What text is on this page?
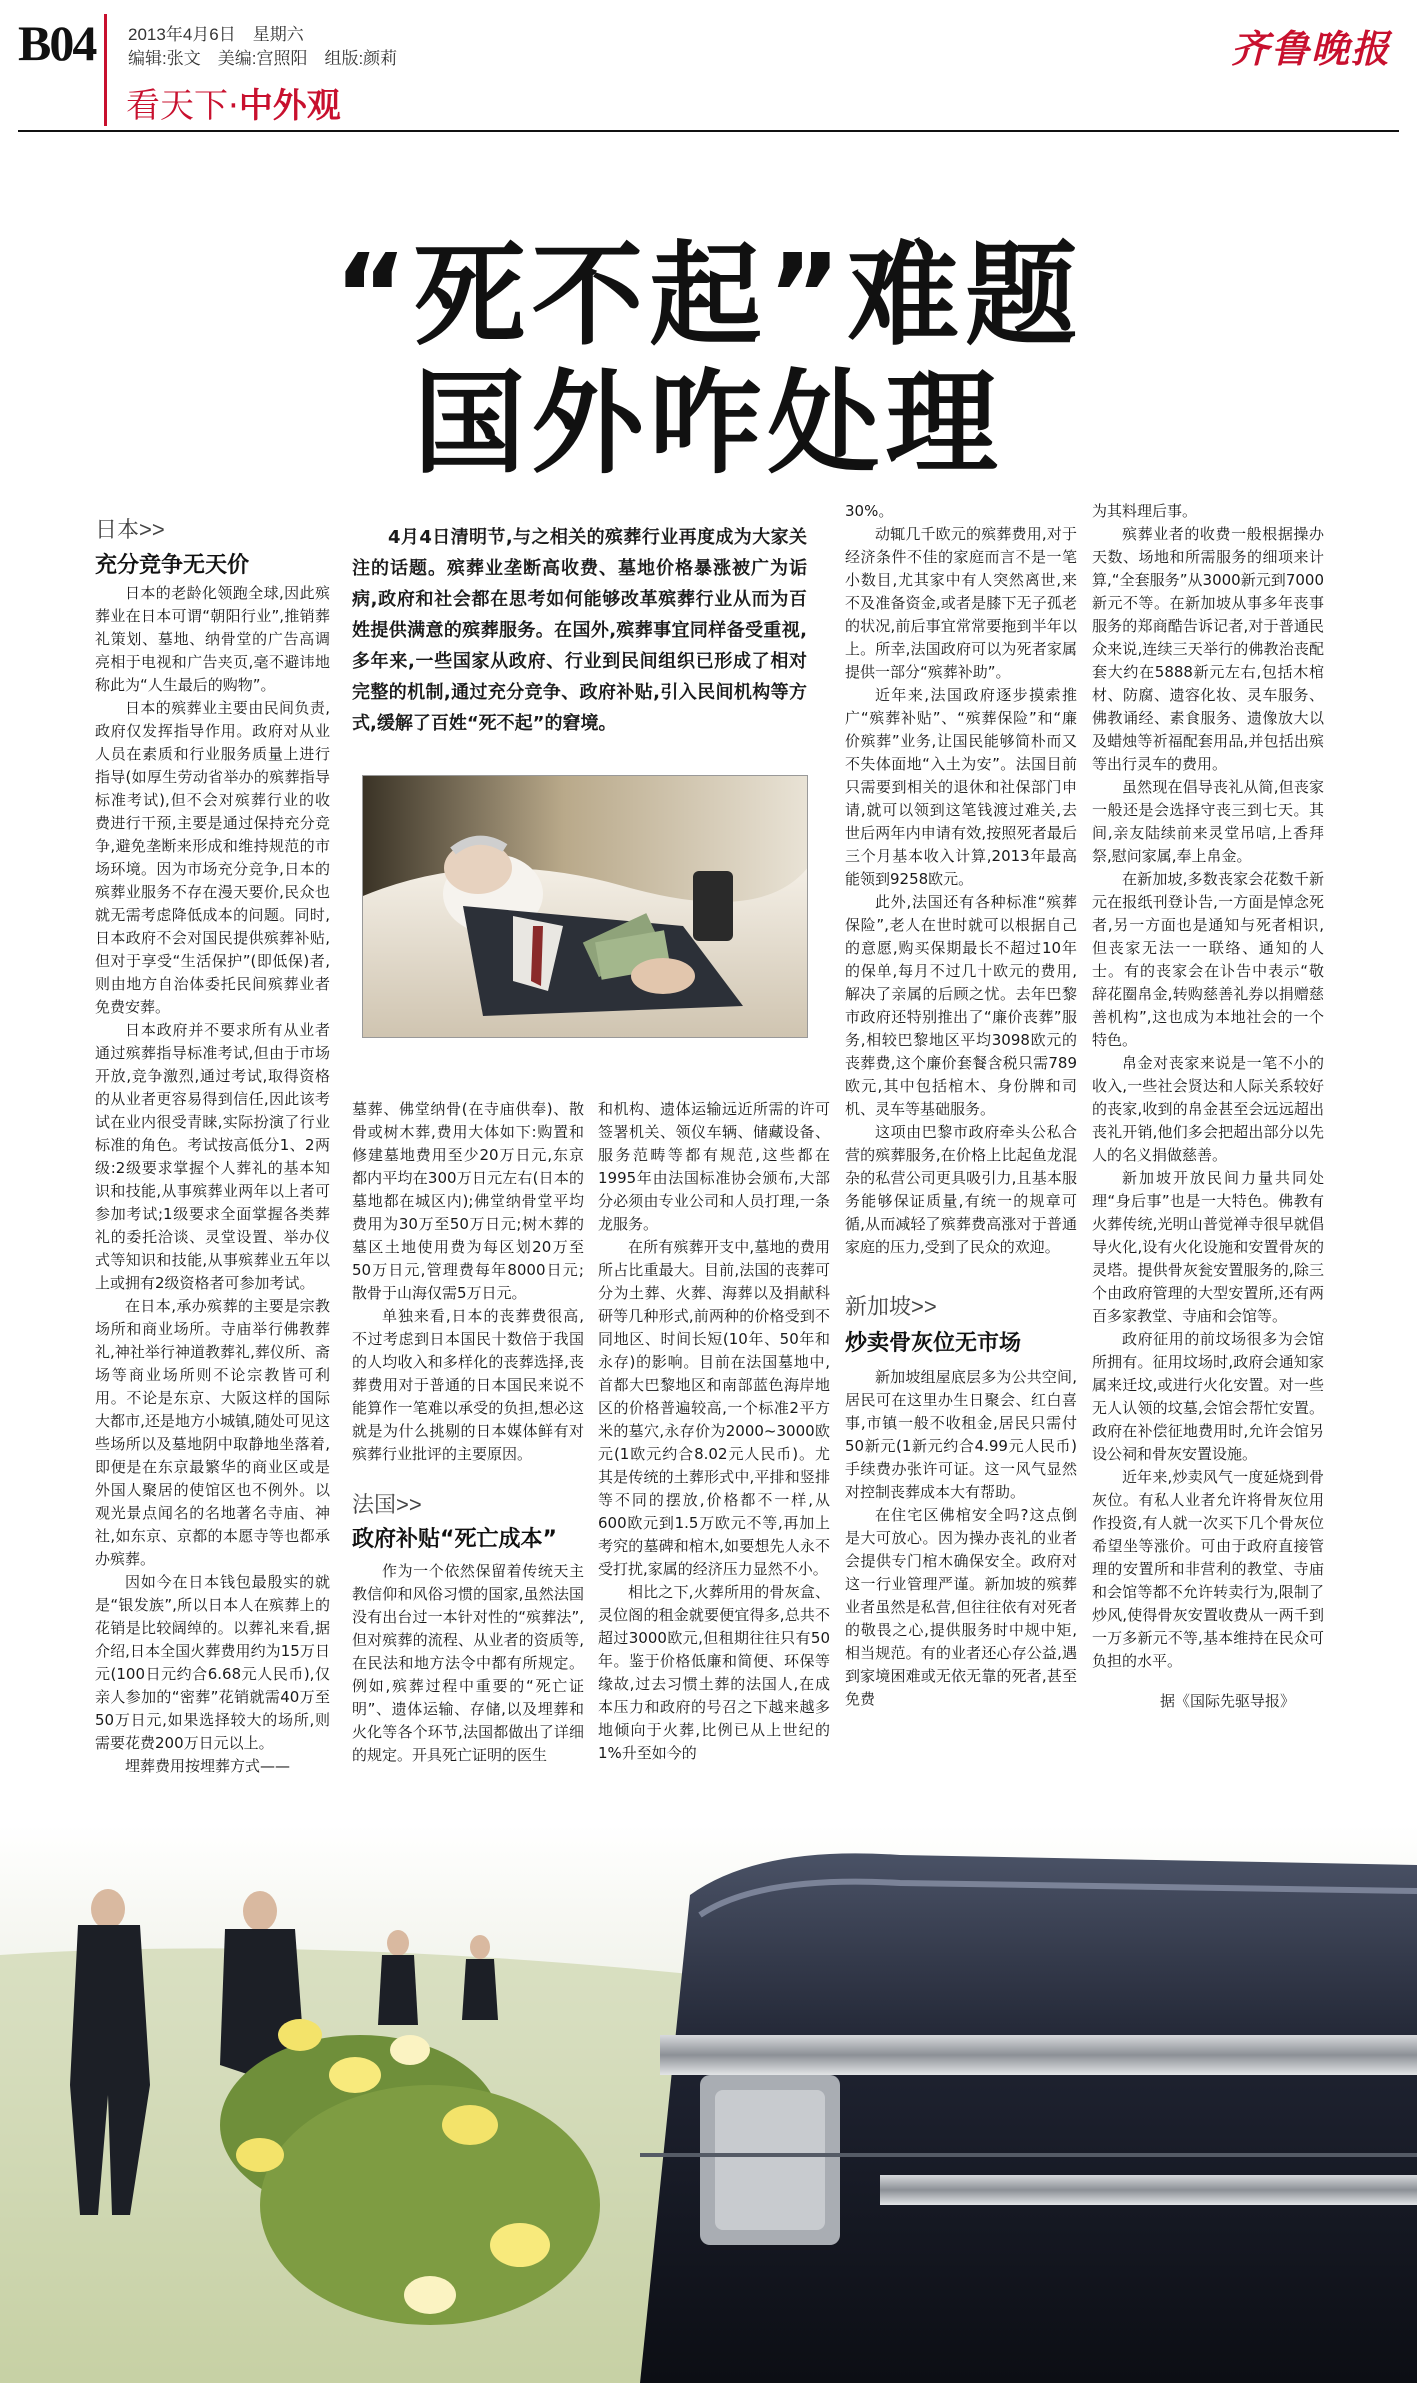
B04 2013年4月6日　星期六
编辑:张文　美编:宫照阳　组版:颜莉	齐鲁晚报
看天下·中外观
“死不起”难题
国外咋处理
日本>>
充分竞争无天价

日本的老龄化领跑全球,因此殡葬业在日本可谓“朝阳行业”,推销葬礼策划、墓地、纳骨堂的广告高调亮相于电视和广告夹页,毫不避讳地称此为“人生最后的购物”。

日本的殡葬业主要由民间负责,政府仅发挥指导作用。政府对从业人员在素质和行业服务质量上进行指导(如厚生劳动省举办的殡葬指导标准考试),但不会对殡葬行业的收费进行干预,主要是通过保持充分竞争,避免垄断来形成和维持规范的市场环境。因为市场充分竞争,日本的殡葬业服务不存在漫天要价,民众也就无需考虑降低成本的问题。同时,日本政府不会对国民提供殡葬补贴,但对于享受“生活保护”(即低保)者,则由地方自治体委托民间殡葬业者免费安葬。

日本政府并不要求所有从业者通过殡葬指导标准考试,但由于市场开放,竞争激烈,通过考试,取得资格的从业者更容易得到信任,因此该考试在业内很受青睐,实际扮演了行业标准的角色。考试按高低分1、2两级:2级要求掌握个人葬礼的基本知识和技能,从事殡葬业两年以上者可参加考试;1级要求全面掌握各类葬礼的委托洽谈、灵堂设置、举办仪式等知识和技能,从事殡葬业五年以上或拥有2级资格者可参加考试。

在日本,承办殡葬的主要是宗教场所和商业场所。寺庙举行佛教葬礼,神社举行神道教葬礼,葬仪所、斋场等商业场所则不论宗教皆可利用。不论是东京、大阪这样的国际大都市,还是地方小城镇,随处可见这些场所以及墓地阴中取静地坐落着,即便是在东京最繁华的商业区或是外国人聚居的使馆区也不例外。以观光景点闻名的名地著名寺庙、神社,如东京、京都的本愿寺等也都承办殡葬。

因如今在日本钱包最殷实的就是“银发族”,所以日本人在殡葬上的花销是比较阔绰的。以葬礼来看,据介绍,日本全国火葬费用约为15万日元(100日元约合6.68元人民币),仅亲人参加的“密葬”花销就需40万至50万日元,如果选择较大的场所,则需要花费200万日元以上。

埋葬费用按埋葬方式——

4月4日清明节,与之相关的殡葬行业再度成为大家关注的话题。殡葬业垄断高收费、墓地价格暴涨被广为诟病,政府和社会都在思考如何能够改革殡葬行业从而为百姓提供满意的殡葬服务。在国外,殡葬事宜同样备受重视,多年来,一些国家从政府、行业到民间组织已形成了相对完整的机制,通过充分竞争、政府补贴,引入民间机构等方式,缓解了百姓“死不起”的窘境。

墓葬、佛堂纳骨(在寺庙供奉)、散骨或树木葬,费用大体如下:购置和修建墓地费用至少20万日元,东京都内平均在300万日元左右(日本的墓地都在城区内);佛堂纳骨堂平均费用为30万至50万日元;树木葬的墓区土地使用费为每区划20万至50万日元,管理费每年8000日元;散骨于山海仅需5万日元。

单独来看,日本的丧葬费很高,不过考虑到日本国民十数倍于我国的人均收入和多样化的丧葬选择,丧葬费用对于普通的日本国民来说不能算作一笔难以承受的负担,想必这就是为什么挑剔的日本媒体鲜有对殡葬行业批评的主要原因。

法国>>
政府补贴“死亡成本”

作为一个依然保留着传统天主教信仰和风俗习惯的国家,虽然法国没有出台过一本针对性的“殡葬法”,但对殡葬的流程、从业者的资质等,在民法和地方法令中都有所规定。例如,殡葬过程中重要的“死亡证明”、遗体运输、存储,以及埋葬和火化等各个环节,法国都做出了详细的规定。开具死亡证明的医生

和机构、遗体运输远近所需的许可签署机关、领仪车辆、储藏设备、服务范畴等都有规范,这些都在1995年由法国标准协会颁布,大部分必须由专业公司和人员打理,一条龙服务。

在所有殡葬开支中,墓地的费用所占比重最大。目前,法国的丧葬可分为土葬、火葬、海葬以及捐献科研等几种形式,前两种的价格受到不同地区、时间长短(10年、50年和永存)的影响。目前在法国墓地中,首都大巴黎地区和南部蓝色海岸地区的价格普遍较高,一个标准2平方米的墓穴,永存价为2000~3000欧元(1欧元约合8.02元人民币)。尤其是传统的土葬形式中,平排和竖排等不同的摆放,价格都不一样,从600欧元到1.5万欧元不等,再加上考究的墓碑和棺木,如要想先人永不受打扰,家属的经济压力显然不小。

相比之下,火葬所用的骨灰盒、灵位阁的租金就要便宜得多,总共不超过3000欧元,但租期往往只有50年。鉴于价格低廉和简便、环保等缘故,过去习惯土葬的法国人,在成本压力和政府的号召之下越来越多地倾向于火葬,比例已从上世纪的1%升至如今的

30%。

动辄几千欧元的殡葬费用,对于经济条件不佳的家庭而言不是一笔小数目,尤其家中有人突然离世,来不及准备资金,或者是膝下无子孤老的状况,前后事宜常常要拖到半年以上。所幸,法国政府可以为死者家属提供一部分“殡葬补助”。

近年来,法国政府逐步摸索推广“殡葬补贴”、“殡葬保险”和“廉价殡葬”业务,让国民能够简朴而又不失体面地“入土为安”。法国目前只需要到相关的退休和社保部门申请,就可以领到这笔钱渡过难关,去世后两年内申请有效,按照死者最后三个月基本收入计算,2013年最高能领到9258欧元。

此外,法国还有各种标准“殡葬保险”,老人在世时就可以根据自己的意愿,购买保期最长不超过10年的保单,每月不过几十欧元的费用,解决了亲属的后顾之忧。去年巴黎市政府还特别推出了“廉价丧葬”服务,相较巴黎地区平均3098欧元的丧葬费,这个廉价套餐含税只需789欧元,其中包括棺木、身份牌和司机、灵车等基础服务。

这项由巴黎市政府牵头公私合营的殡葬服务,在价格上比起鱼龙混杂的私营公司更具吸引力,且基本服务能够保证质量,有统一的规章可循,从而减轻了殡葬费高涨对于普通家庭的压力,受到了民众的欢迎。

新加坡>>
炒卖骨灰位无市场

新加坡组屋底层多为公共空间,居民可在这里办生日聚会、红白喜事,市镇一般不收租金,居民只需付50新元(1新元约合4.99元人民币)手续费办张许可证。这一风气显然对控制丧葬成本大有帮助。

在住宅区佛棺安全吗?这点倒是大可放心。因为操办丧礼的业者会提供专门棺木确保安全。政府对这一行业管理严谨。新加坡的殡葬业者虽然是私营,但往往依有对死者的敬畏之心,提供服务时中规中矩,相当规范。有的业者还心存公益,遇到家境困难或无依无靠的死者,甚至免费

为其料理后事。

殡葬业者的收费一般根据操办天数、场地和所需服务的细项来计算,“全套服务”从3000新元到7000新元不等。在新加坡从事多年丧事服务的郑商酷告诉记者,对于普通民众来说,连续三天举行的佛教治丧配套大约在5888新元左右,包括木棺材、防腐、遗容化妆、灵车服务、佛教诵经、素食服务、遗像放大以及蜡烛等祈福配套用品,并包括出殡等出行灵车的费用。

虽然现在倡导丧礼从简,但丧家一般还是会选择守丧三到七天。其间,亲友陆续前来灵堂吊唁,上香拜祭,慰问家属,奉上帛金。

在新加坡,多数丧家会花数千新元在报纸刊登讣告,一方面是悼念死者,另一方面也是通知与死者相识,但丧家无法一一联络、通知的人士。有的丧家会在讣告中表示“敬辞花圈帛金,转购慈善礼券以捐赠慈善机构”,这也成为本地社会的一个特色。

帛金对丧家来说是一笔不小的收入,一些社会贤达和人际关系较好的丧家,收到的帛金甚至会远远超出丧礼开销,他们多会把超出部分以先人的名义捐做慈善。

新加坡开放民间力量共同处理“身后事”也是一大特色。佛教有火葬传统,光明山普觉禅寺很早就倡导火化,设有火化设施和安置骨灰的灵塔。提供骨灰瓮安置服务的,除三个由政府管理的大型安置所,还有两百多家教堂、寺庙和会馆等。

政府征用的前坟场很多为会馆所拥有。征用坟场时,政府会通知家属来迁坟,或进行火化安置。对一些无人认领的坟墓,会馆会帮忙安置。政府在补偿征地费用时,允许会馆另设公祠和骨灰安置设施。

近年来,炒卖风气一度延烧到骨灰位。有私人业者允许将骨灰位用作投资,有人就一次买下几个骨灰位希望坐等涨价。可由于政府直接管理的安置所和非营利的教堂、寺庙和会馆等都不允许转卖行为,限制了炒风,使得骨灰安置收费从一两千到一万多新元不等,基本维持在民众可负担的水平。

据《国际先驱导报》
